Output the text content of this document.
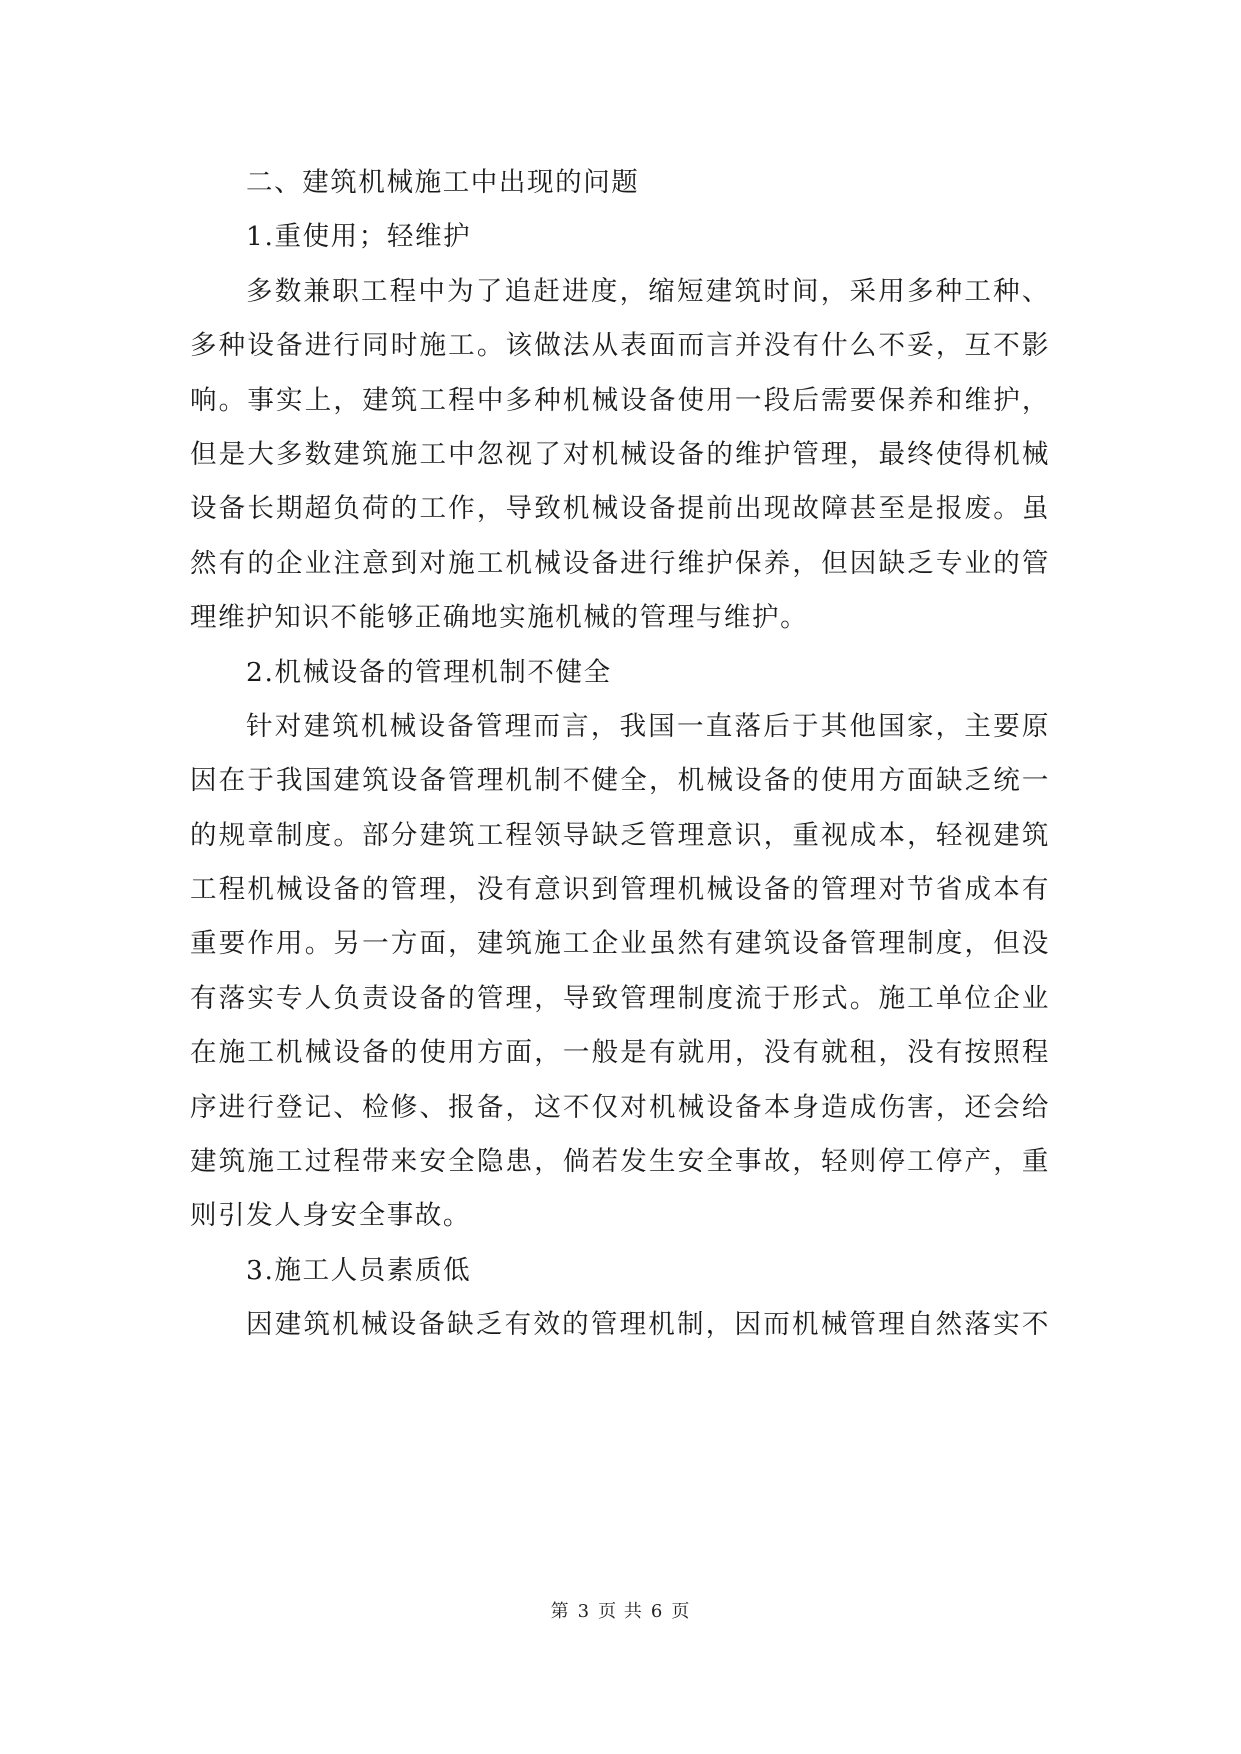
二、建筑机械施工中出现的问题
1.重使用；轻维护
多数兼职工程中为了追赶进度，缩短建筑时间，采用多种工种、
多种设备进行同时施工。该做法从表面而言并没有什么不妥，互不影
响。事实上，建筑工程中多种机械设备使用一段后需要保养和维护，
但是大多数建筑施工中忽视了对机械设备的维护管理，最终使得机械
设备长期超负荷的工作，导致机械设备提前出现故障甚至是报废。虽
然有的企业注意到对施工机械设备进行维护保养，但因缺乏专业的管
理维护知识不能够正确地实施机械的管理与维护。
2.机械设备的管理机制不健全
针对建筑机械设备管理而言，我国一直落后于其他国家，主要原
因在于我国建筑设备管理机制不健全，机械设备的使用方面缺乏统一
的规章制度。部分建筑工程领导缺乏管理意识，重视成本，轻视建筑
工程机械设备的管理，没有意识到管理机械设备的管理对节省成本有
重要作用。另一方面，建筑施工企业虽然有建筑设备管理制度，但没
有落实专人负责设备的管理，导致管理制度流于形式。施工单位企业
在施工机械设备的使用方面，一般是有就用，没有就租，没有按照程
序进行登记、检修、报备，这不仅对机械设备本身造成伤害，还会给
建筑施工过程带来安全隐患，倘若发生安全事故，轻则停工停产，重
则引发人身安全事故。
3.施工人员素质低
因建筑机械设备缺乏有效的管理机制，因而机械管理自然落实不
第 3 页 共 6 页
